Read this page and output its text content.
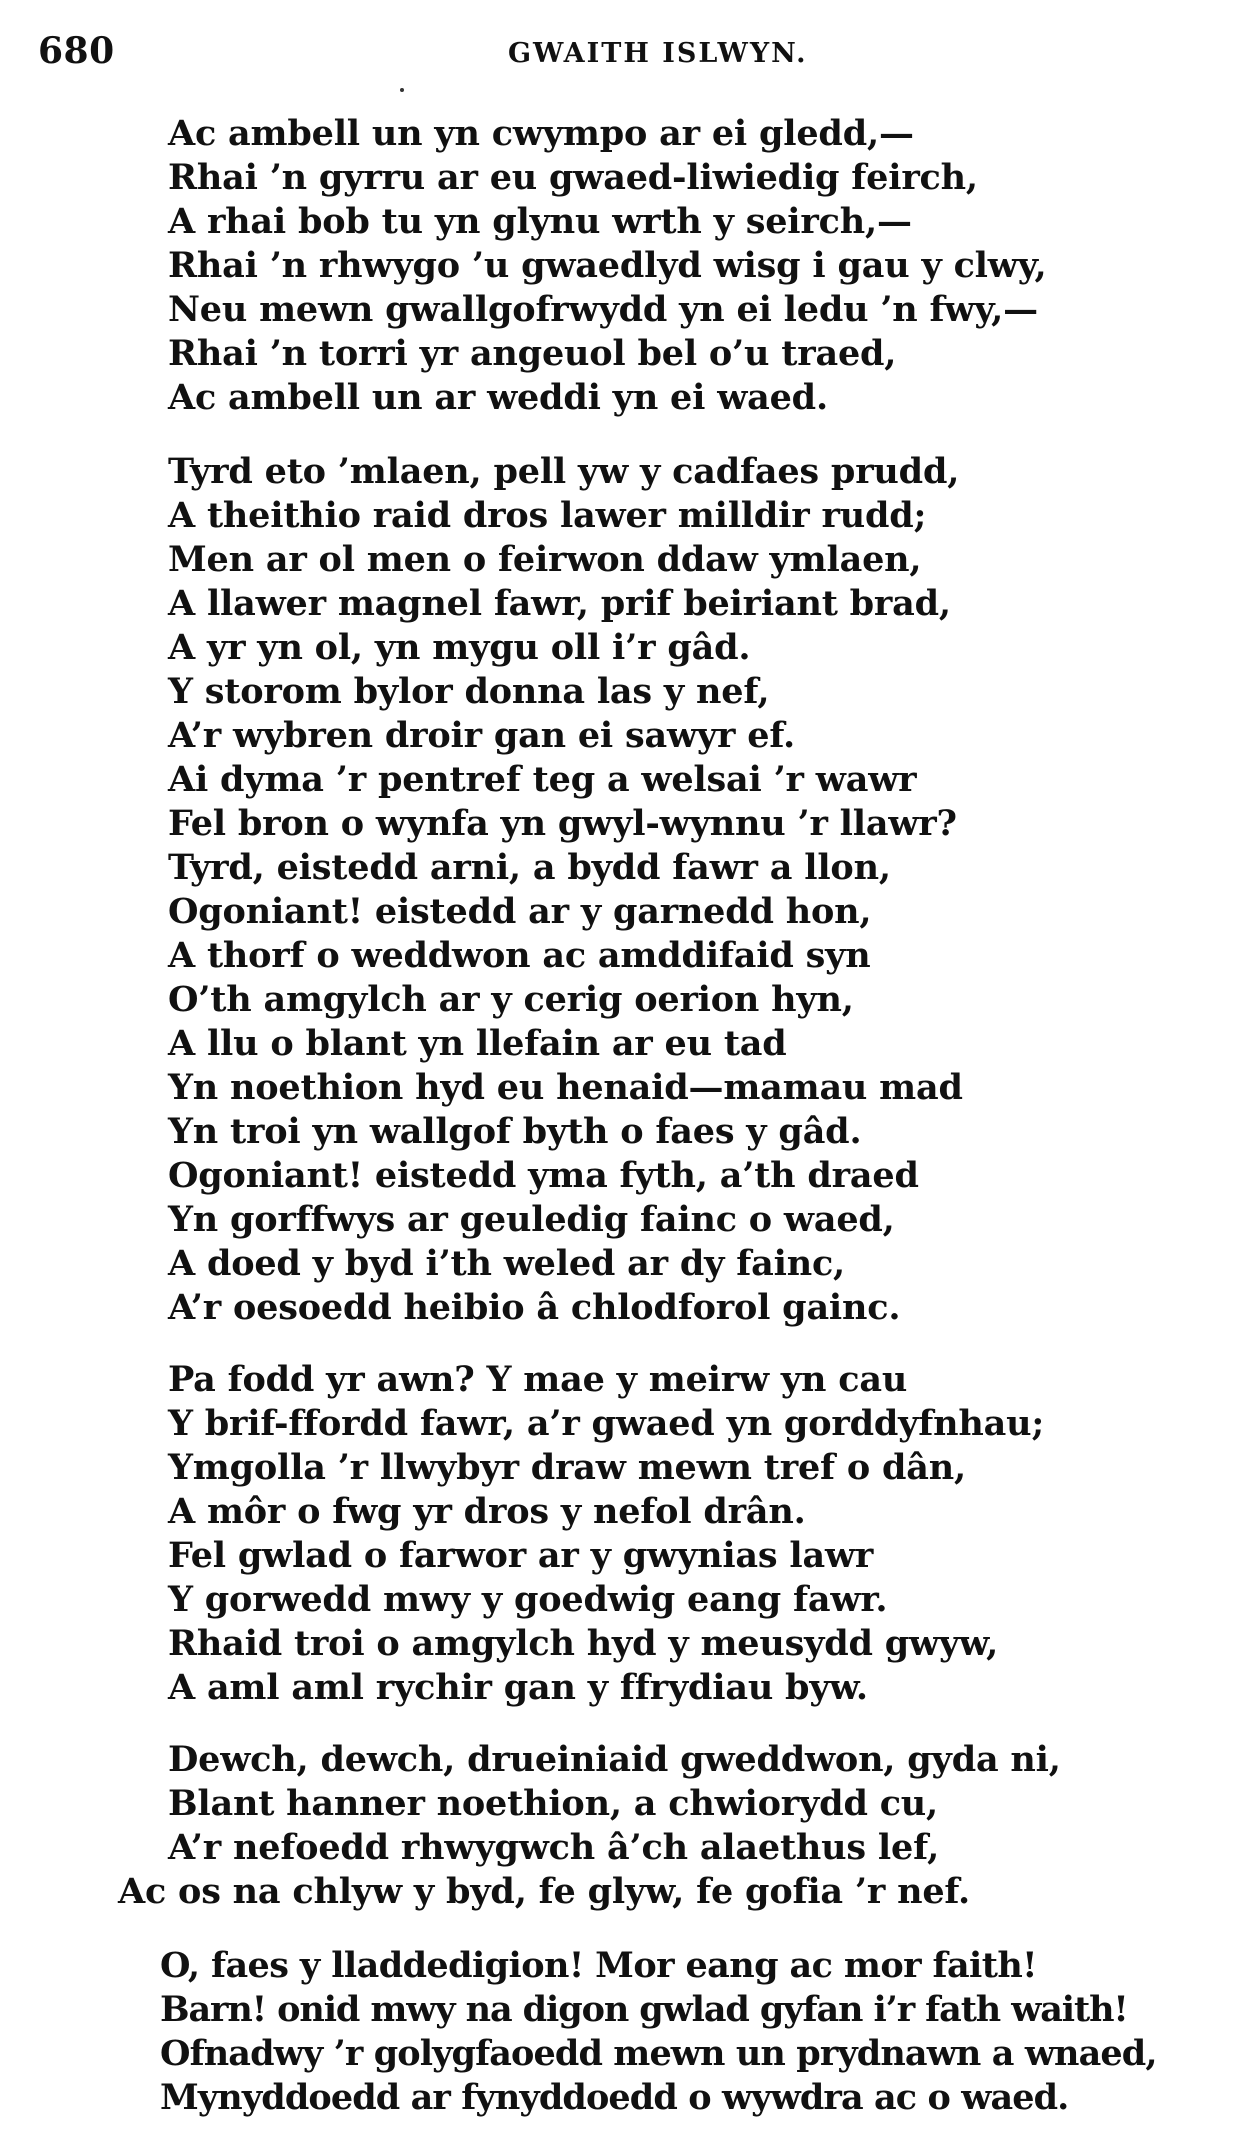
680	GWAITH ISLWYN.
Ac ambell un yn cwympo ar ei gledd,—
Rhai ’n gyrru ar eu gwaed-liwiedig feirch,
A rhai bob tu yn glynu wrth y seirch,—
Rhai ’n rhwygo ’u gwaedlyd wisg i gau y clwy,
Neu mewn gwallgofrwydd yn ei ledu ’n fwy,—
Rhai ’n torri yr angeuol bel o’u traed,
Ac ambell un ar weddi yn ei waed.
Tyrd eto ’mlaen, pell yw y cadfaes prudd,
A theithio raid dros lawer milldir rudd;
Men ar ol men o feirwon ddaw ymlaen,
A llawer magnel fawr, prif beiriant brad,
A yr yn ol, yn mygu oll i’r gâd.
Y storom bylor donna las y nef,
A’r wybren droir gan ei sawyr ef.
Ai dyma ’r pentref teg a welsai ’r wawr
Fel bron o wynfa yn gwyl-wynnu ’r llawr?
Tyrd, eistedd arni, a bydd fawr a llon,
Ogoniant! eistedd ar y garnedd hon,
A thorf o weddwon ac amddifaid syn
O’th amgylch ar y cerig oerion hyn,
A llu o blant yn llefain ar eu tad
Yn noethion hyd eu henaid—mamau mad
Yn troi yn wallgof byth o faes y gâd.
Ogoniant! eistedd yma fyth, a’th draed
Yn gorffwys ar geuledig fainc o waed,
A doed y byd i’th weled ar dy fainc,
A’r oesoedd heibio â chlodforol gainc.
Pa fodd yr awn? Y mae y meirw yn cau
Y brif-ffordd fawr, a’r gwaed yn gorddyfnhau;
Ymgolla ’r llwybyr draw mewn tref o dân,
A môr o fwg yr dros y nefol drân.
Fel gwlad o farwor ar y gwynias lawr
Y gorwedd mwy y goedwig eang fawr.
Rhaid troi o amgylch hyd y meusydd gwyw,
A aml aml rychir gan y ffrydiau byw.
Dewch, dewch, drueiniaid gweddwon, gyda ni,
Blant hanner noethion, a chwiorydd cu,
A’r nefoedd rhwygwch â’ch alaethus lef,
Ac os na chlyw y byd, fe glyw, fe gofia ’r nef.
O, faes y lladdedigion! Mor eang ac mor faith!
Barn! onid mwy na digon gwlad gyfan i’r fath waith!
Ofnadwy ’r golygfaoedd mewn un prydnawn a wnaed,
Mynyddoedd ar fynyddoedd o wywdra ac o waed.
